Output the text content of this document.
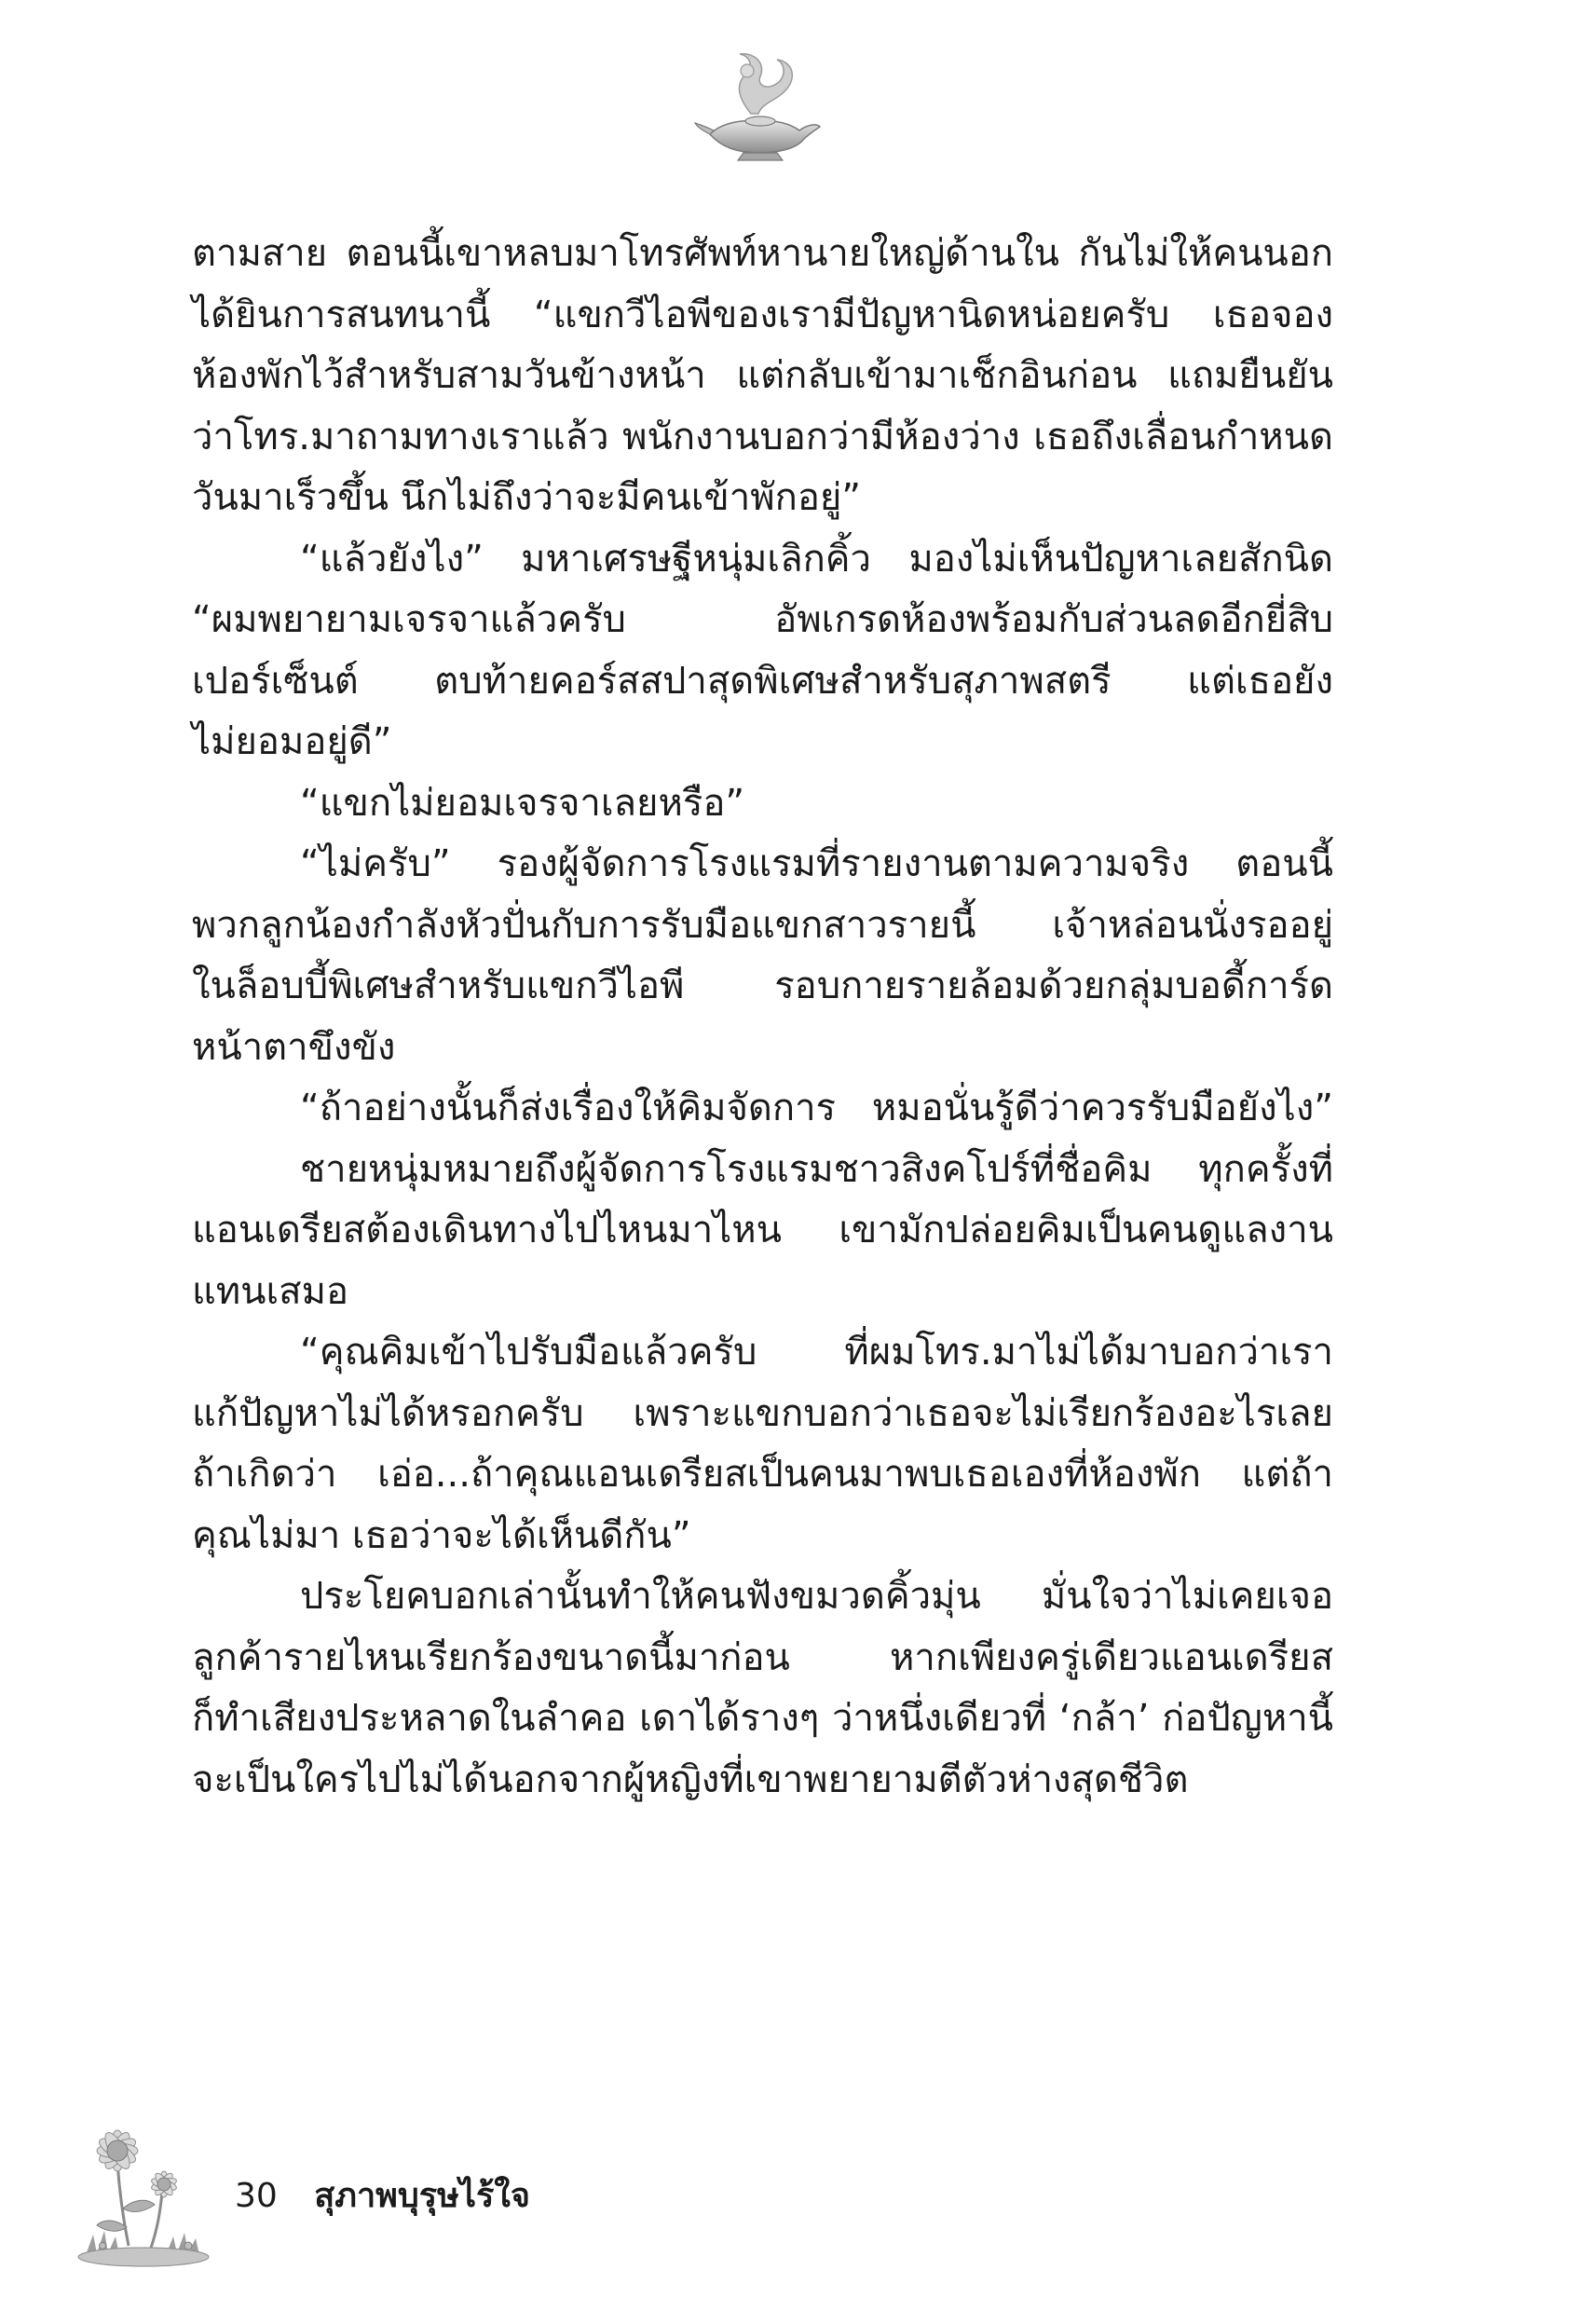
ตามสาย ตอนนี้เขาหลบมาโทรศัพท์หานายใหญ่ด้านใน กันไม่ให้คนนอก
ได้ยินการสนทนานี้ “แขกวีไอพีของเรามีปัญหานิดหน่อยครับ เธอจอง
ห้องพักไว้สำหรับสามวันข้างหน้า แต่กลับเข้ามาเช็กอินก่อน แถมยืนยัน
ว่าโทร.มาถามทางเราแล้ว พนักงานบอกว่ามีห้องว่าง เธอถึงเลื่อนกำหนด
วันมาเร็วขึ้น นึกไม่ถึงว่าจะมีคนเข้าพักอยู่”
“แล้วยังไง” มหาเศรษฐีหนุ่มเลิกคิ้ว มองไม่เห็นปัญหาเลยสักนิด
“ผมพยายามเจรจาแล้วครับ อัพเกรดห้องพร้อมกับส่วนลดอีกยี่สิบ
เปอร์เซ็นต์ ตบท้ายคอร์สสปาสุดพิเศษสำหรับสุภาพสตรี แต่เธอยัง
ไม่ยอมอยู่ดี”
“แขกไม่ยอมเจรจาเลยหรือ”
“ไม่ครับ” รองผู้จัดการโรงแรมที่รายงานตามความจริง ตอนนี้
พวกลูกน้องกำลังหัวปั่นกับการรับมือแขกสาวรายนี้ เจ้าหล่อนนั่งรออยู่
ในล็อบบี้พิเศษสำหรับแขกวีไอพี รอบกายรายล้อมด้วยกลุ่มบอดี้การ์ด
หน้าตาขึงขัง
“ถ้าอย่างนั้นก็ส่งเรื่องให้คิมจัดการ หมอนั่นรู้ดีว่าควรรับมือยังไง”
ชายหนุ่มหมายถึงผู้จัดการโรงแรมชาวสิงคโปร์ที่ชื่อคิม ทุกครั้งที่
แอนเดรียสต้องเดินทางไปไหนมาไหน เขามักปล่อยคิมเป็นคนดูแลงาน
แทนเสมอ
“คุณคิมเข้าไปรับมือแล้วครับ ที่ผมโทร.มาไม่ได้มาบอกว่าเรา
แก้ปัญหาไม่ได้หรอกครับ เพราะแขกบอกว่าเธอจะไม่เรียกร้องอะไรเลย
ถ้าเกิดว่า เอ่อ...ถ้าคุณแอนเดรียสเป็นคนมาพบเธอเองที่ห้องพัก แต่ถ้า
คุณไม่มา เธอว่าจะได้เห็นดีกัน”
ประโยคบอกเล่านั้นทำให้คนฟังขมวดคิ้วมุ่น มั่นใจว่าไม่เคยเจอ
ลูกค้ารายไหนเรียกร้องขนาดนี้มาก่อน หากเพียงครู่เดียวแอนเดรียส
ก็ทำเสียงประหลาดในลำคอ เดาได้รางๆ ว่าหนึ่งเดียวที่ ‘กล้า’ ก่อปัญหานี้
จะเป็นใครไปไม่ได้นอกจากผู้หญิงที่เขาพยายามตีตัวห่างสุดชีวิต
30 สุภาพบุรุษไร้ใจ
